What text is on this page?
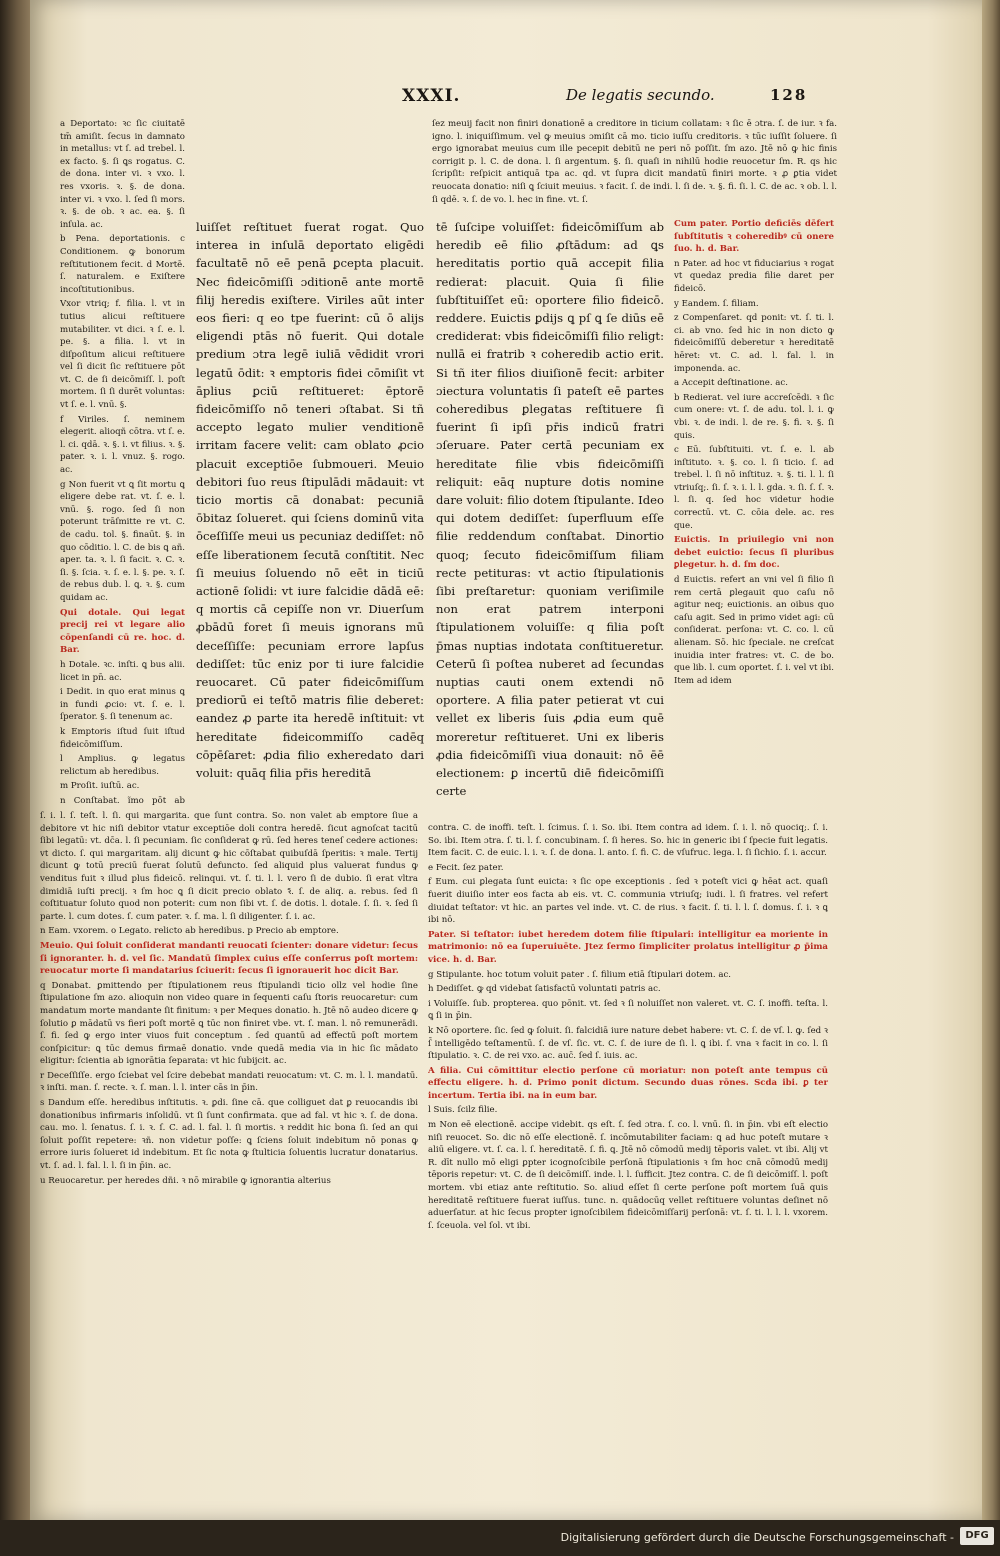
XXXI.	De legatis secundo.	128

a Deportato: ꝛc ſic ciuitatē tm̄ amiſit. ſecus in damnato in metallus: vt ſ. ad trebel. l. ex facto. §. ſi ꝗs rogatus. C. de dona. inter vi. ꝛ vxo. l. res vxoris. ꝛ. §. de dona. inter vi. ꝛ vxo. l. ſed ſi mors. ꝛ. §. de ob. ꝛ ac. ea. §. ſi inſula. ac.

b Pena. deportationis. c Conditionem. ꝙ bonorum reſtitutionem fecit. d Mortē. ſ. naturalem. e Exiſtere incoſtitutionibus.

Vxor vtriq; f. filia. l. vt in tutius alicui reſtituere mutabiliter. vt dici. ꝛ ſ. e. l. pe. §. a filia. l. vt in diſpoſitum alicui reſtituere vel ſi dicit ſic reſtituere pōt vt. C. de ſi deicōmiſſ. l. poſt mortem. ſi ſi durēt voluntas: vt ſ. e. l. vnū. §.

f Viriles. ſ. neminem elegerit. alioqñ cōtra. vt ſ. e. l. ci. qdā. ꝛ. §. i. vt filius. ꝛ. §. pater. ꝛ. i. l. vnuz. §. rogo. ac.

g Non fuerit vt ꝗ ſit mortu ꝗ eligere debe rat. vt. ſ. e. l. vnū. §. rogo. ſed ſi non poterunt trāſmitte re vt. C. de cadu. tol. §. finaūt. §. in quo cōditio. l. C. de bis ꝗ añ. aper. ta. ꝛ. l. ſi facit. ꝛ. C. ꝛ. ſi. §. ſcia. ꝛ. ſ. e. l. §. pe. ꝛ. ſ. de rebus dub. l. ꝗ. ꝛ. §. cum quidam ac.

Qui dotale. Qui legat precij rei vt legare alio cōpenſandi cū re. hoc. d. Bar.

h Dotale. ꝛc. inſti. ꝗ bus alii. licet in pn̄. ac.

i Dedit. in quo erat minus ꝗ in fundi ꝓcio: vt. ſ. e. l. ſperator. §. ſi tenenum ac.

k Emptoris iſtud ſuit iſtud fideicōmiſſum.

l Amplius. ꝙ legatus relictum ab heredibus.

m Proſit. iuſtū. ac.

n Conſtabat. ĩmo pōt ab

ſez meuij facit non finiri donationē a creditore in ticium collatam: ꝛ ſic ē ɔtra. ſ. de iur. ꝛ fa. igno. l. iniquiſſimum. vel ꝙ meuius ɔmiſit cā mo. ticio iuſſu creditoris. ꝛ tūc iuſſit ſoluere. ſi ergo ignorabat meuius cum ille pecepit debitū ne peri nō poſſit. ſm azo. Jtē nō ꝙ hic finis corrigit p. l. C. de dona. l. ſi argentum. §. ſi. quaſi in nihilū hodie reuocetur ſm. R. qs hic ſcripſit: reſpicit antiquā tpa ac. qd. vt ſupra dicit mandatū finiri morte. ꝛ ꝓ ꝑtia videt reuocata donatio: niſi ꝗ ſciuit meuius. ꝛ facit. ſ. de indi. l. ſi de. ꝛ. §. fi. ſi. l. C. de ac. ꝛ ob. l. l. ſi qdē. ꝛ. ſ. de vo. l. hec in fine. vt. ſ.

luiſſet reſtituet fuerat rogat. Quo interea in inſulā deportato eligēdi facultatē nō eē penā ꝑcepta placuit. Nec fideicōmiſſi ɔditionē ante mortē filij heredis exiſtere. Viriles aūt inter eos fieri: q eo tpe fuerint: cū ō alijs eligendi ptās nō fuerit. Qui dotale predium ɔtra legē iuliā vēdidit vrori legatū ōdit: ꝛ emptoris fidei cōmiſit vt āplius ꝑciū reſtitueret: ēptorē fideicōmiſſo nō teneri ɔſtabat. Si tñ accepto legato mulier venditionē irritam facere velit: cam oblato ꝓcio placuit exceptiōe ſubmoueri. Meuio debitori ſuo reus ſtipulādi mādauit: vt ticio mortis cā donabat: pecuniā ōbitaz ſolueret. qui ſciens dominū vita ōceſſiſſe meui us pecuniaz dediſſet: nō eſſe liberationem ſecutā conſtitit. Nec ſi meuius ſoluendo nō eēt in ticiū actionē ſolidi: vt iure falcidie dādā eē: q mortis cā cepiſſe non vr. Diuerſum ꝓbādū foret ſi meuis ignorans mū deceſſiſſe: pecuniam errore lapſus dediſſet: tūc eniz por ti iure falcidie reuocaret. Cū pater fideicōmiſſum prediorū ei teſtō matris filie deberet: eandez ꝓ parte ita heredē inſtituit: vt hereditate fideicommiſſo cadēq cōpēſaret: ꝓdia filio exheredato dari voluit: quāq filia pr̄is hereditā

tē ſuſcipe voluiſſet: fideicōmiſſum ab heredib eē filio ꝓſtādum: ad ꝗs hereditatis portio quā accepit filia redierat: placuit. Quia ſi filie ſubſtituiſſet eū: oportere filio fideicō. reddere. Euictis ꝑdijs ꝗ pſ ꝗ ſe diūs eē crediderat: vbis fideicōmiſſi filio religt: nullā ei fratrib ꝛ coheredib actio erit. Si tñ iter filios diuiſionē fecit: arbiter ɔiectura voluntatis ſi pateſt eē partes coheredibus ꝑlegatas reſtituere ſi fuerint ſi ipſi pr̄is indicū fratri ɔſeruare. Pater certā pecuniam ex hereditate filie vbis fideicōmiſſi reliquit: eāq nupture dotis nomine dare voluit: filio dotem ſtipulante. Ideo qui dotem dediſſet: ſuperfluum eſſe filie reddendum conſtabat. Dinortio quoq; ſecuto fideicōmiſſum filiam recte petituras: vt actio ſtipulationis ſibi preſtaretur: quoniam veriſimile non erat patrem interponi ſtipulationem voluiſſe: q filia poſt p̄mas nuptias indotata conſtitueretur. Ceterū ſi poſtea nuberet ad ſecundas nuptias cauti onem extendi nō oportere. A filia pater petierat vt cui vellet ex liberis ſuis ꝓdia eum quē moreretur reſtitueret. Uni ex liberis ꝓdia fideicōmiſſi viua donauit: nō ēē electionem: ꝑ incertū diē fideicōmiſſi certe

Cum pater. Portio deficiēs dēfert ſubſtitutis ꝛ coheredibꝰ cū onere ſuo. h. d. Bar.

n Pater. ad hoc vt fiduciarius ꝛ rogat vt quedaz predia filie daret per fideicō.

y Eandem. ſ. filiam.

z Compenſaret. qd ponit: vt. ſ. ti. l. ci. ab vno. ſed hic in non dicto ꝙ fideicōmiſſū deberetur ꝛ hereditatē hēret: vt. C. ad. l. fal. l. in imponenda. ac.

a Accepit deſtinatione. ac.

b Redierat. vel iure accreſcēdi. ꝛ ſic cum onere: vt. ſ. de adu. tol. l. i. ꝙ vbi. ꝛ. de indi. l. de re. §. fi. ꝛ. §. ſi quis.

c Eū. ſubſtituiti. vt. ſ. e. l. ab inſtituto. ꝛ. §. co. l. ſi ticio. ſ. ad trebel. l. ſi nō inſtituz. ꝛ. §. ti. l. l. ſi vtriuſq;. ſi. ſ. ꝛ. i. l. l. gda. ꝛ. ſi. ſ. ſ. ꝛ. l. ſi. q. ſed hoc videtur hodie correctū. vt. C. cōia dele. ac. res que.

Euictis. In priuilegio vni non debet euictio: ſecus ſi pluribus ꝑlegetur. h. d. ſm doc.

d Euictis. refert an vni vel ſi filio ſi rem certā ꝑlegauit quo caſu nō agitur neq; euictionis. an oibus quo caſu agit. Sed in primo videt agi: cū conſiderat. perſona: vt. C. co. l. cū alienam. Sō. hic ſpeciale. ne creſcat inuidia inter fratres: vt. C. de bo. que lib. l. cum oportet. ſ. i. vel vt ibi. Item ad idem

ſ. i. l. ſ. teſt. l. ſi. qui margarita. que ſunt contra. So. non valet ab emptore ſiue a debitore vt hic niſi debitor vtatur exceptiōe doli contra heredē. ſicut agnoſcat tacitū ſibi legatū: vt. dc̄a. l. ſi pecuniam. ſic conſiderat ꝙ rū. ſed heres teneſ cedere actiones: vt dicto. ſ. qui margaritam. alij dicunt ꝙ hic cōſtabat quibuſdā ſperitis: ꝛ male. Tertij dicunt ꝙ totū preciū fuerat ſolutū defuncto. ſed aliquid plus valuerat fundus ꝙ venditus fuit ꝛ illud plus fideicō. relinqui. vt. ſ. ti. l. l. vero ſi de dubio. ſi erat vltra dimidiā iuſti precij. ꝛ ſm hoc ꝗ ſi dicit precio oblato ꝛ̄. ſ. de aliq. a. rebus. ſed ſi coſtituatur ſoluto quod non poterit: cum non ſibi vt. ſ. de dotis. l. dotale. ſ. ſi. ꝛ. ſed ſi parte. l. cum dotes. ſ. cum pater. ꝛ. ſ. ma. l. ſi diligenter. ſ. i. ac.

n Eam. vxorem. o Legato. relicto ab heredibus. p Precio ab emptore.

Meuio. Qui ſoluit conſiderat mandanti reuocati ſcienter: donare videtur: ſecus ſi ignoranter. h. d. vel ſic. Mandatū ſimplex cuius eſſe conſerrus poſt mortem: reuocatur morte ſi mandatarius ſciuerit: ſecus ſi ignorauerit hoc dicit Bar.

q Donabat. ꝑmittendo per ſtipulationem reus ſtipulandi ticio ollz vel hodie ſine ſtipulatione ſm azo. alioquin non video quare in ſequenti caſu ſtoris reuocaretur: cum mandatum morte mandante ſit finitum: ꝛ per Meques donatio. h. Jtē nō audeo dicere ꝙ ſolutio ꝑ mādatū vs fieri poſt mortē ꝗ tūc non finiret vbe. vt. ſ. man. l. nō remunerādi. ſ. fi. ſed ꝙ ergo inter viuos fuit conceptum . ſed quantū ad effectū poſt mortem conſpicitur: ꝗ tūc demus firmaē donatio. vnde quedā media via in hic ſic mādato eligitur: ſcientia ab ignorātia ſeparata: vt hic ſubijcit. ac.

r Deceſſiſſe. ergo ſciebat vel ſcire debebat mandati reuocatum: vt. C. m. l. l. mandatū. ꝛ inſti. man. ſ. recte. ꝛ. ſ. man. l. l. inter cās in p̄in.

s Dandum eſſe. heredibus inſtitutis. ꝛ. ꝑdi. ſine cā. que colliguet dat ꝑ reuocandis ibi donationibus infirmaris inſolidū. vt ſi ſunt confirmata. que ad fal. vt hic ꝛ. ſ. de dona. cau. mo. l. ſenatus. ſ. i. ꝛ. ſ. C. ad. l. fal. l. ſi mortis. ꝛ reddit hic bona ſi. ſed an qui ſoluit poſſit repetere: ꝛñ. non videtur poſſe: ꝗ ſciens ſoluit indebitum nō ponas ꝙ errore iuris ſolueret id indebitum. Et ſic nota ꝙ ſtulticia ſoluentis lucratur donatarius. vt. ſ. ad. l. fal. l. l. ſi in p̄in. ac.

u Reuocaretur. per heredes dñi. ꝛ nō mirabile ꝙ ignorantia alterius

contra. C. de inoffi. teſt. l. ſcimus. ſ. i. So. ibi. Item contra ad idem. ſ. i. l. nō quociq;. ſ. i. So. ibi. Item ɔtra. ſ. ti. l. ſ. concubinam. ſ. ſi heres. So. hic in generic ibi ſ ſpecie fuit legatis. Item facit. C. de euic. l. i. ꝛ. ſ. de dona. l. anto. ſ. fi. C. de vſufruc. lega. l. ſi ſichio. ſ. i. accur.

e Fecit. ſez pater.

f Eum. cui ꝑlegata ſunt euicta: ꝛ ſic ope exceptionis . ſed ꝛ poteſt vici ꝙ hēat act. quaſi fuerit diuiſio inter eos facta ab eis. vt. C. communia vtriuſq; iudi. l. ſi fratres. vel refert diuidat teſtator: vt hic. an partes vel inde. vt. C. de rius. ꝛ facit. ſ. ti. l. l. ſ. domus. ſ. i. ꝛ ꝗ ibi nō.

Pater. Si teſtator: iubet heredem dotem filie ſtipulari: intelligitur ea moriente in matrimonio: nō ea ſuperuiuēte. Jtez ſermo ſimpliciter prolatus intelligitur ꝓ p̄ima vice. h. d. Bar.

g Stipulante. hoc totum voluit pater . ſ. filium etiā ſtipulari dotem. ac.

h Dediſſet. ꝙ qd videbat ſatisfactū voluntati patris ac.

i Voluiſſe. ſub. propterea. quo pōnit. vt. ſed ꝛ ſi noluiſſet non valeret. vt. C. ſ. inoffi. teſta. l. ꝗ ſi in p̄in.

k Nō oportere. ſic. ſed ꝙ ſoluit. ſi. falcidiā iure nature debet habere: vt. C. ſ. de vſ. l. ꝙ. ſed ꝛ ſ̄ intelligēdo teſtamentū. ſ. de vſ. ſic. vt. C. ſ. de iure de ſi. l. ꝗ ibi. ſ. vna ꝛ facit in co. l. ſi ſtipulatio. ꝛ. C. de rei vxo. ac. auc̄. ſed ſ. iuis. ac.

A filia. Cui cōmittitur electio perſone cū moriatur: non poteſt ante tempus cū effectu eligere. h. d. Primo ponit dictum. Secundo duas rōnes. Scda ibi. ꝑ ter incertum. Tertia ibi. na in eum bar.

l Suis. ſcilz filie.

m Non eē electionē. accipe videbit. qs eſt. ſ. ſed ɔtra. ſ. co. l. vnū. ſi. in p̄in. vbi eſt electio niſi reuocet. So. dic nō eſſe electionē. ſ. incōmutabiliter faciam: ꝗ ad huc poteſt mutare ꝛ aliū eligere. vt. ſ. ca. l. ſ. hereditatē. ſ. fi. ꝗ. Jtē nō cōmodū medij tēporis valet. vt ibi. Alij vt R. dīt nullo mō eligi ꝑpter icognoſcibile perſonā ſtipulationis ꝛ ſm hoc cnā cōmodū medij tēporis repetur: vt. C. de ſi deicōmiſſ. inde. l. l. ſufficit. Jtez contra. C. de ſi deicōmiſſ. l. poſt mortem. vbi etiaz ante reſtitutio. So. aliud eſſet ſi certe perſone poſt mortem ſuā quis hereditatē reſtituere fuerat iuſſus. tunc. n. quādocūq vellet reſtituere voluntas deſinet nō aduerſatur. at hic ſecus propter ignoſcibilem fideicōmiſſarij perſonā: vt. ſ. ti. l. l. l. vxorem. ſ. ſceuola. vel ſol. vt ibi.

Digitalisierung gefördert durch die Deutsche Forschungsgemeinschaft -	DFG
